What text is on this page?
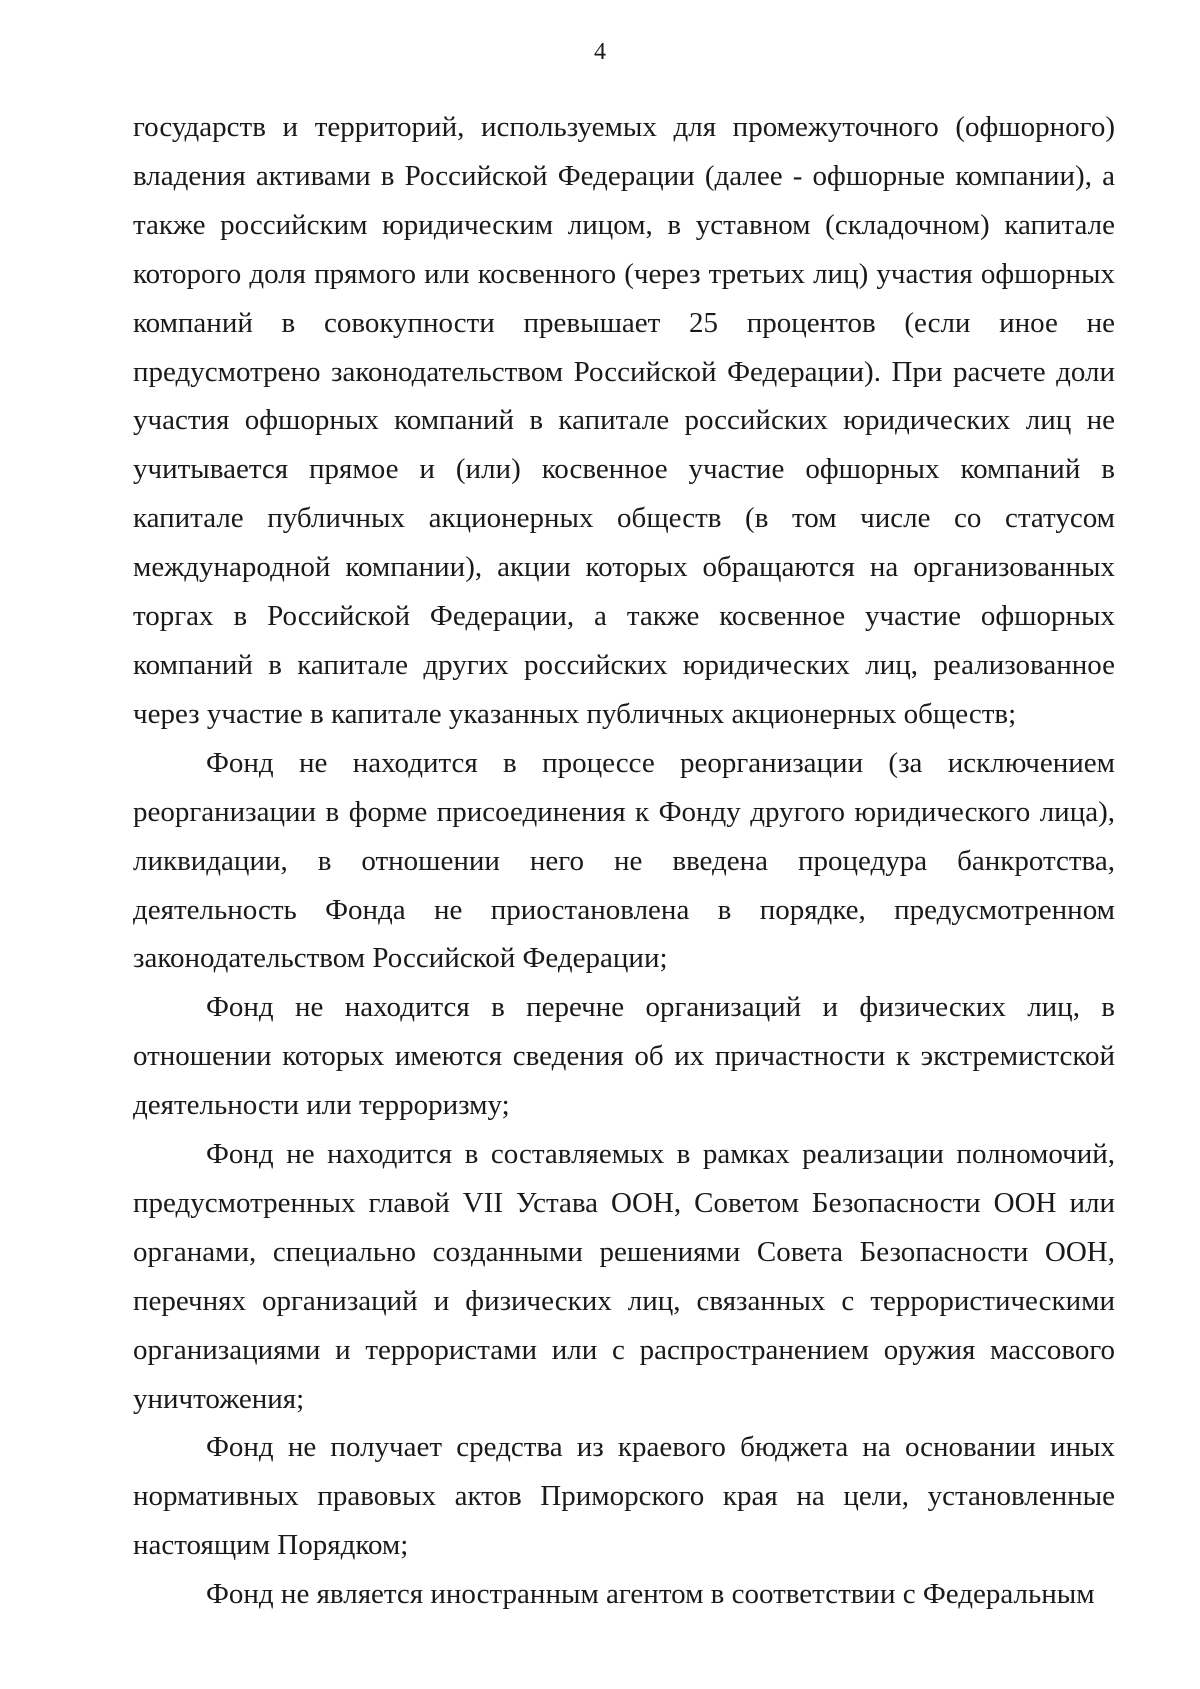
4

государств и территорий, используемых для промежуточного (офшорного) владения активами в Российской Федерации (далее - офшорные компании), а также российским юридическим лицом, в уставном (складочном) капитале которого доля прямого или косвенного (через третьих лиц) участия офшорных компаний в совокупности превышает 25 процентов (если иное не предусмотрено законодательством Российской Федерации). При расчете доли участия офшорных компаний в капитале российских юридических лиц не учитывается прямое и (или) косвенное участие офшорных компаний в капитале публичных акционерных обществ (в том числе со статусом международной компании), акции которых обращаются на организованных торгах в Российской Федерации, а также косвенное участие офшорных компаний в капитале других российских юридических лиц, реализованное через участие в капитале указанных публичных акционерных обществ;

Фонд не находится в процессе реорганизации (за исключением реорганизации в форме присоединения к Фонду другого юридического лица), ликвидации, в отношении него не введена процедура банкротства, деятельность Фонда не приостановлена в порядке, предусмотренном законодательством Российской Федерации;

Фонд не находится в перечне организаций и физических лиц, в отношении которых имеются сведения об их причастности к экстремистской деятельности или терроризму;

Фонд не находится в составляемых в рамках реализации полномочий, предусмотренных главой VII Устава ООН, Советом Безопасности ООН или органами, специально созданными решениями Совета Безопасности ООН, перечнях организаций и физических лиц, связанных с террористическими организациями и террористами или с распространением оружия массового уничтожения;

Фонд не получает средства из краевого бюджета на основании иных нормативных правовых актов Приморского края на цели, установленные настоящим Порядком;

Фонд не является иностранным агентом в соответствии с Федеральным
